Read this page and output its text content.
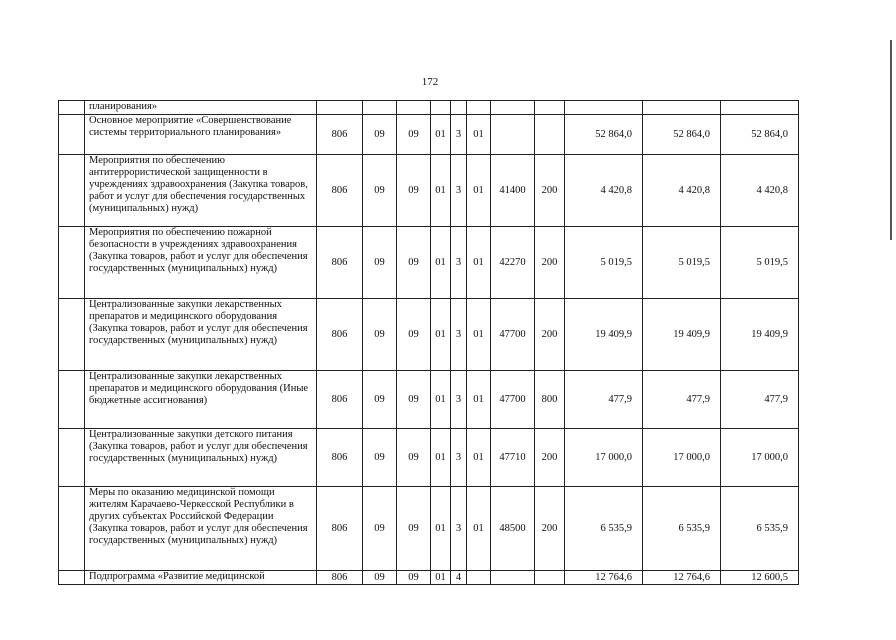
172
	планирования»											
	Основное мероприятие «Совершенствование системы территориального планирования»	806	09	09	01	3	01			52 864,0	52 864,0	52 864,0
	Мероприятия по обеспечению антитеррористической защищенности в учреждениях здравоохранения (Закупка товаров, работ и услуг для обеспечения государственных (муниципальных) нужд)	806	09	09	01	3	01	41400	200	4 420,8	4 420,8	4 420,8
	Мероприятия по обеспечению пожарной безопасности в учреждениях здравоохранения (Закупка товаров, работ и услуг для обеспечения государственных (муниципальных) нужд)	806	09	09	01	3	01	42270	200	5 019,5	5 019,5	5 019,5
	Централизованные закупки лекарственных препаратов и медицинского оборудования (Закупка товаров, работ и услуг для обеспечения государственных (муниципальных) нужд)	806	09	09	01	3	01	47700	200	19 409,9	19 409,9	19 409,9
	Централизованные закупки лекарственных препаратов и медицинского оборудования (Иные бюджетные ассигнования)	806	09	09	01	3	01	47700	800	477,9	477,9	477,9
	Централизованные закупки детского питания (Закупка товаров, работ и услуг для обеспечения государственных (муниципальных) нужд)	806	09	09	01	3	01	47710	200	17 000,0	17 000,0	17 000,0
	Меры по оказанию медицинской помощи жителям Карачаево-Черкесской Республики в других субъектах Российской Федерации (Закупка товаров, работ и услуг для обеспечения государственных (муниципальных) нужд)	806	09	09	01	3	01	48500	200	6 535,9	6 535,9	6 535,9
	Подпрограмма «Развитие медицинской	806	09	09	01	4				12 764,6	12 764,6	12 600,5
